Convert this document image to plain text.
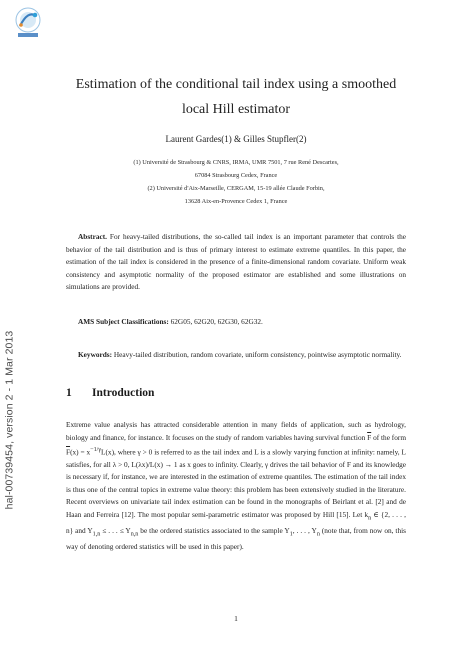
hal-00739454, version 2 - 1 Mar 2013
Estimation of the conditional tail index using a smoothed
local Hill estimator
Laurent Gardes(1) & Gilles Stupfler(2)
(1) Université de Strasbourg & CNRS, IRMA, UMR 7501, 7 rue René Descartes,
67084 Strasbourg Cedex, France
(2) Université d'Aix-Marseille, CERGAM, 15-19 allée Claude Forbin,
13628 Aix-en-Provence Cedex 1, France
Abstract. For heavy-tailed distributions, the so-called tail index is an important parameter that controls the behavior of the tail distribution and is thus of primary interest to estimate extreme quantiles. In this paper, the estimation of the tail index is considered in the presence of a finite-dimensional random covariate. Uniform weak consistency and asymptotic normality of the proposed estimator are established and some illustrations on simulations are provided.
AMS Subject Classifications: 62G05, 62G20, 62G30, 62G32.
Keywords: Heavy-tailed distribution, random covariate, uniform consistency, pointwise asymptotic normality.
1 Introduction
Extreme value analysis has attracted considerable attention in many fields of application, such as hydrology, biology and finance, for instance. It focuses on the study of random variables having survival function $\overline{F}$ of the form $\overline{F}(x) = x^{-1/\gamma}L(x)$, where γ > 0 is referred to as the tail index and L is a slowly varying function at infinity: namely, L satisfies, for all λ > 0, L(λx)/L(x) → 1 as x goes to infinity. Clearly, γ drives the tail behavior of F and its knowledge is necessary if, for instance, we are interested in the estimation of extreme quantiles. The estimation of the tail index is thus one of the central topics in extreme value theory: this problem has been extensively studied in the literature. Recent overviews on univariate tail index estimation can be found in the monographs of Beirlant et al. [2] and de Haan and Ferreira [12]. The most popular semi-parametric estimator was proposed by Hill [15]. Let $k_n$ ∈ {2, . . . , n} and $Y_{1,n}$ ≤ . . . ≤ $Y_{n,n}$ be the ordered statistics associated to the sample $Y_1$, . . . , $Y_n$ (note that, from now on, this way of denoting ordered statistics will be used in this paper).
1
